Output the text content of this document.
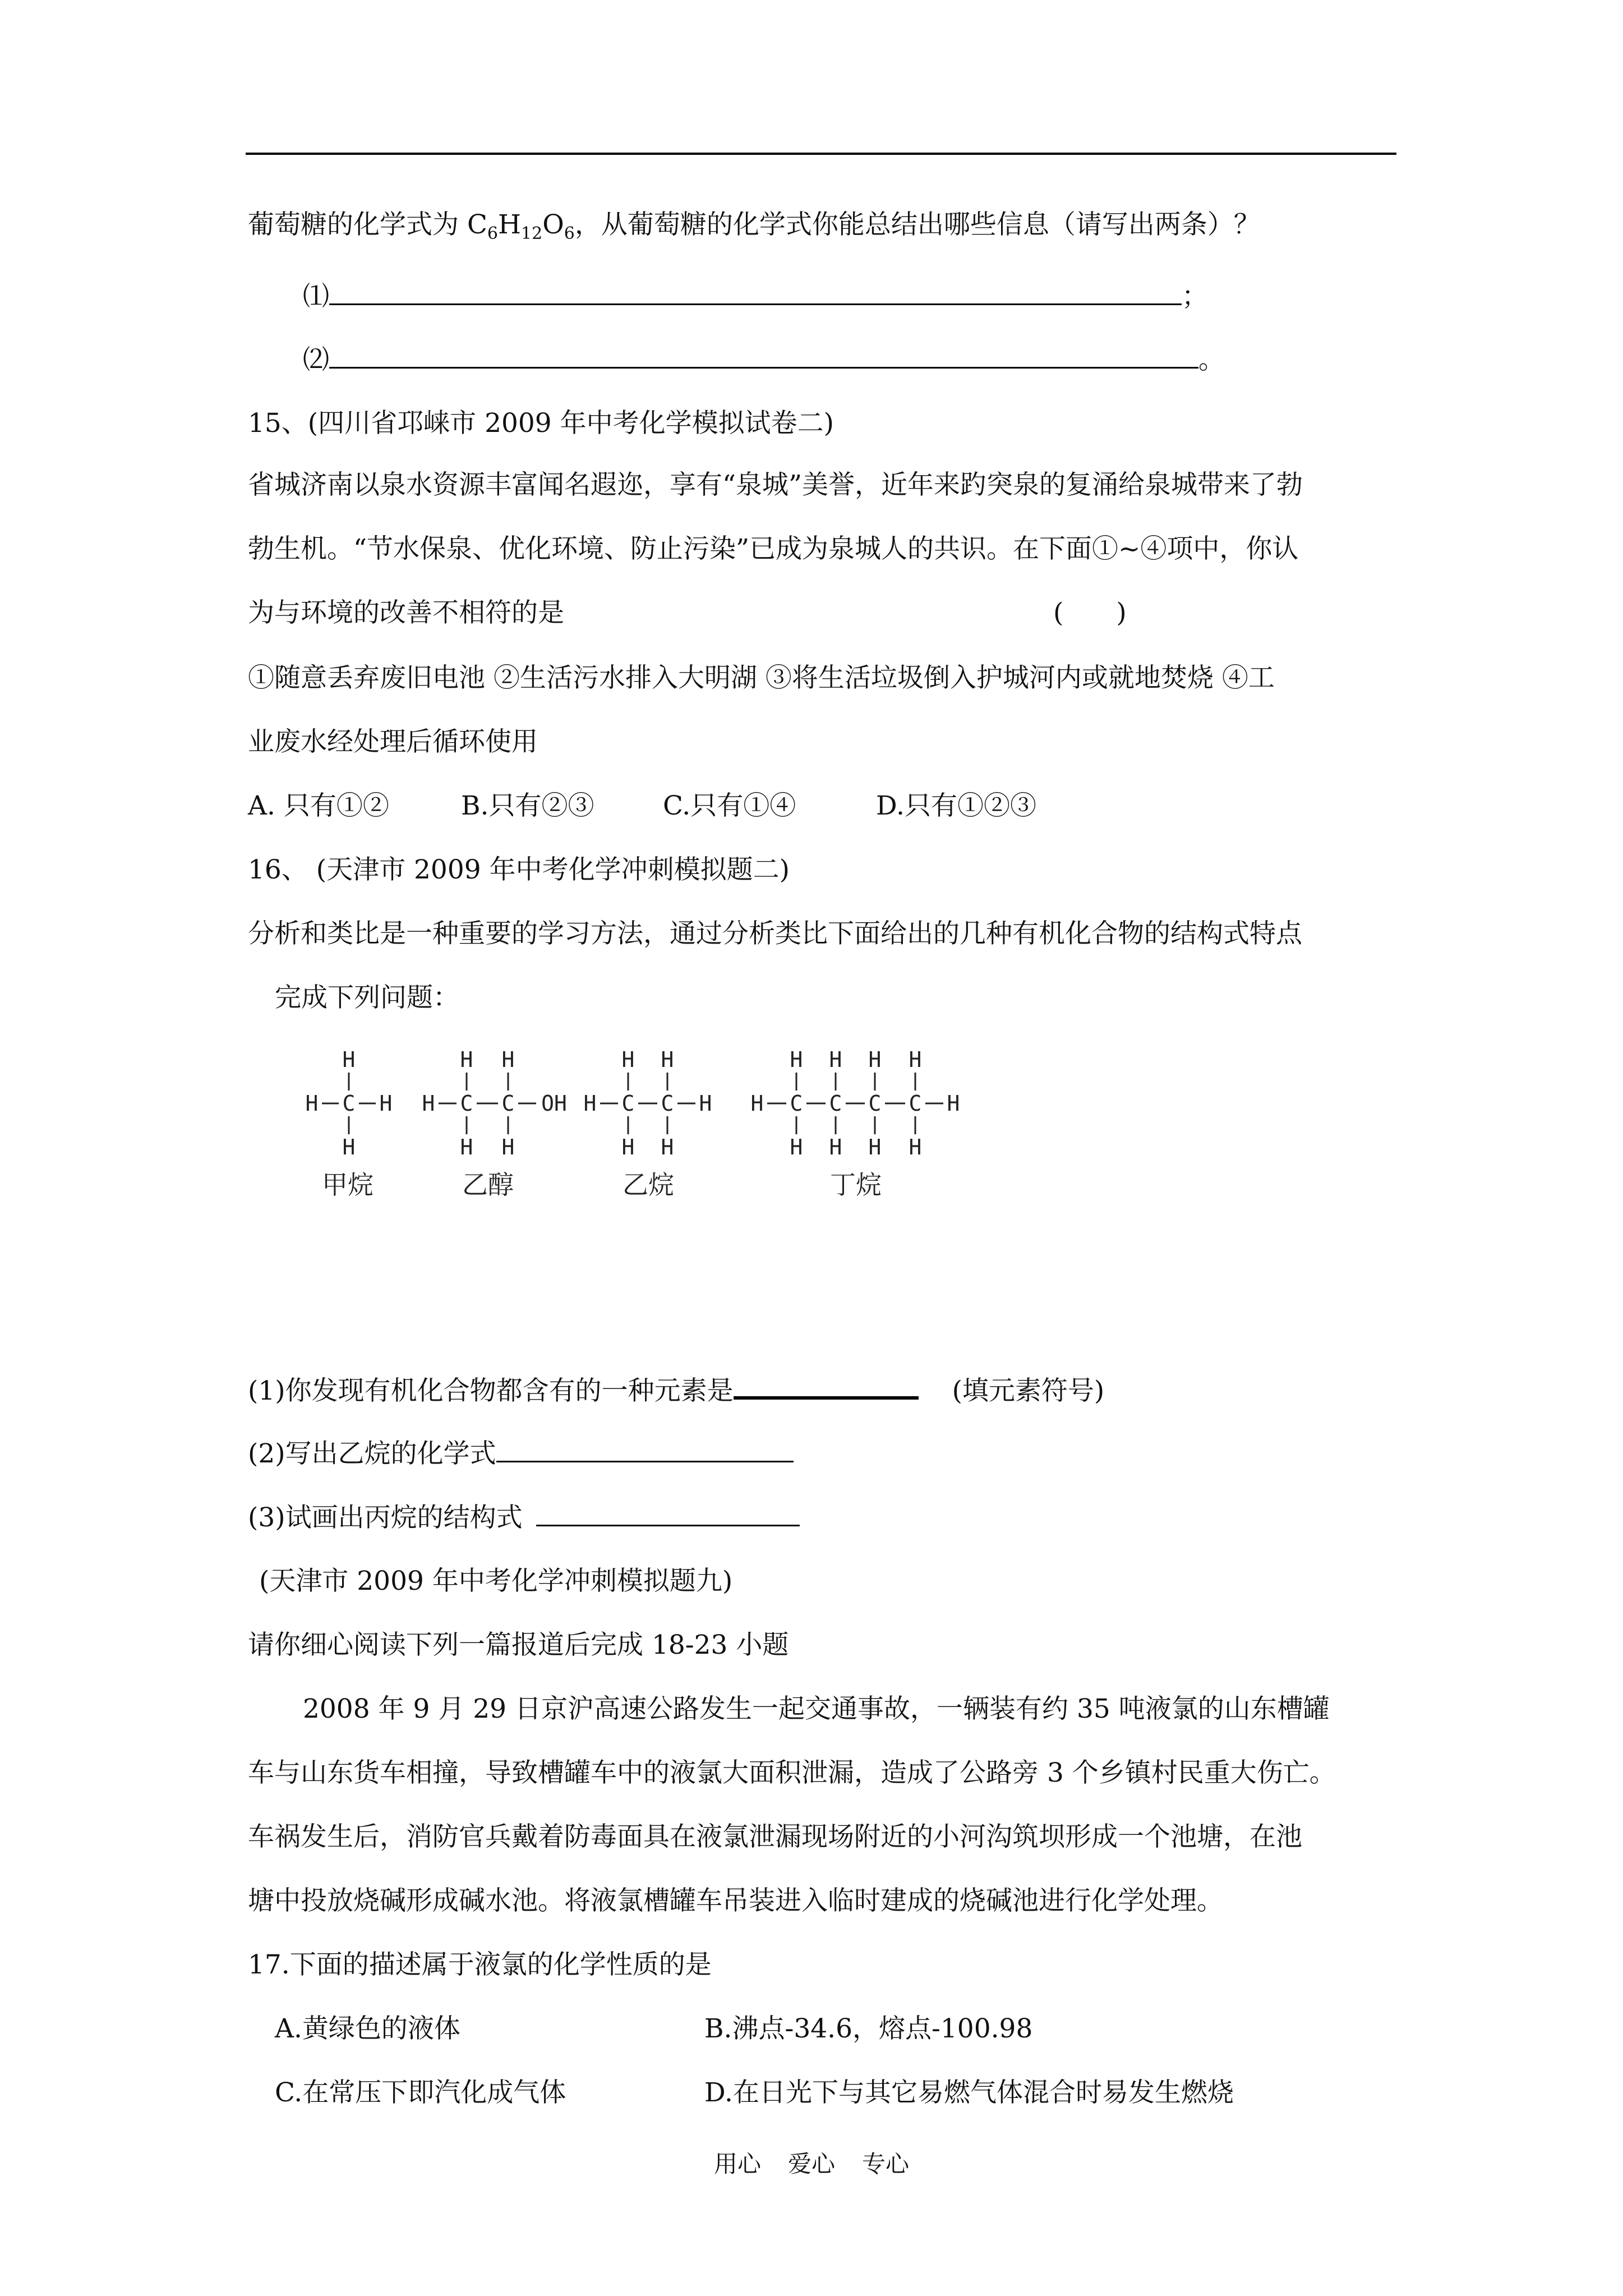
葡萄糖的化学式为 $C_6H_{12}O_6$，从葡萄糖的化学式你能总结出哪些信息（请写出两条）？
⑴	；
⑵	。
15、(四川省邛崃市 2009 年中考化学模拟试卷二)
省城济南以泉水资源丰富闻名遐迩，享有“泉城”美誉，近年来趵突泉的复涌给泉城带来了勃
勃生机。“节水保泉、优化环境、防止污染”已成为泉城人的共识。在下面①~④项中，你认
为与环境的改善不相符的是	(　　)
①随意丢弃废旧电池 ②生活污水排入大明湖 ③将生活垃圾倒入护城河内或就地焚烧 ④工
业废水经处理后循环使用
A. 只有①②	B.只有②③	C.只有①④	D.只有①②③
16、 (天津市 2009 年中考化学冲刺模拟题二)
分析和类比是一种重要的学习方法，通过分析类比下面给出的几种有机化合物的结构式特点
完成下列问题：
H
H C H
H
甲烷
H H
H C C OH
H H
乙醇
H H
H C C H
H H
乙烷
H H H H
H C C C C H
H H H H
丁烷
(1)你发现有机化合物都含有的一种元素是	(填元素符号)
(2)写出乙烷的化学式
(3)试画出丙烷的结构式
(天津市 2009 年中考化学冲刺模拟题九)
请你细心阅读下列一篇报道后完成 18-23 小题
2008 年 9 月 29 日京沪高速公路发生一起交通事故，一辆装有约 35 吨液氯的山东槽罐
车与山东货车相撞，导致槽罐车中的液氯大面积泄漏，造成了公路旁 3 个乡镇村民重大伤亡。
车祸发生后，消防官兵戴着防毒面具在液氯泄漏现场附近的小河沟筑坝形成一个池塘，在池
塘中投放烧碱形成碱水池。将液氯槽罐车吊装进入临时建成的烧碱池进行化学处理。
17.下面的描述属于液氯的化学性质的是
A.黄绿色的液体	B.沸点-34.6，熔点-100.98
C.在常压下即汽化成气体	D.在日光下与其它易燃气体混合时易发生燃烧
用心 爱心 专心
